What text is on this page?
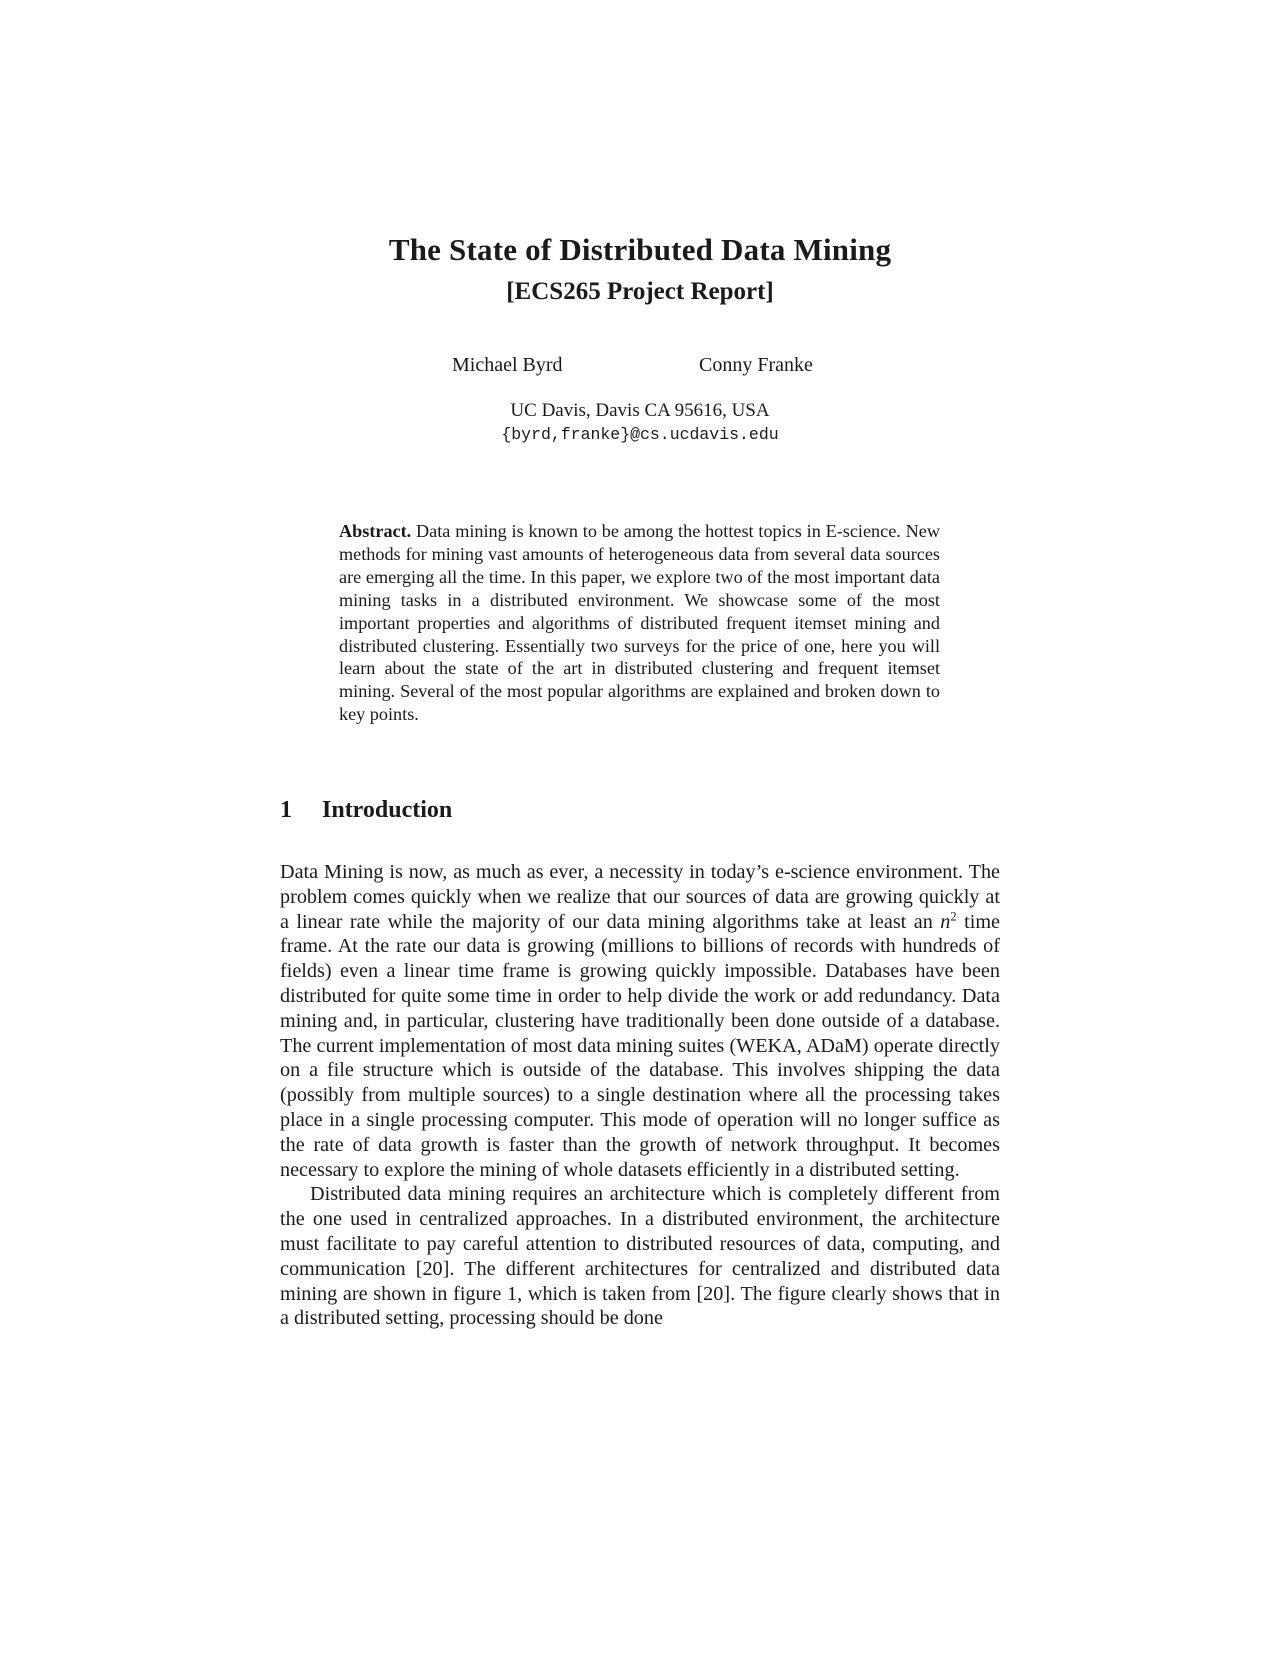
The State of Distributed Data Mining
[ECS265 Project Report]
Michael Byrd	Conny Franke
UC Davis, Davis CA 95616, USA
{byrd,franke}@cs.ucdavis.edu
Abstract. Data mining is known to be among the hottest topics in E-science. New methods for mining vast amounts of heterogeneous data from several data sources are emerging all the time. In this paper, we explore two of the most important data mining tasks in a distributed environment. We showcase some of the most important properties and algorithms of distributed frequent itemset mining and distributed clustering. Essentially two surveys for the price of one, here you will learn about the state of the art in distributed clustering and frequent itemset mining. Several of the most popular algorithms are explained and broken down to key points.
1 Introduction

Data Mining is now, as much as ever, a necessity in today’s e-science environment. The problem comes quickly when we realize that our sources of data are growing quickly at a linear rate while the majority of our data mining algorithms take at least an $n^2$ time frame. At the rate our data is growing (millions to billions of records with hundreds of fields) even a linear time frame is growing quickly impossible. Databases have been distributed for quite some time in order to help divide the work or add redundancy. Data mining and, in particular, clustering have traditionally been done outside of a database. The current implementation of most data mining suites (WEKA, ADaM) operate directly on a file structure which is outside of the database. This involves shipping the data (possibly from multiple sources) to a single destination where all the processing takes place in a single processing computer. This mode of operation will no longer suffice as the rate of data growth is faster than the growth of network throughput. It becomes necessary to explore the mining of whole datasets efficiently in a distributed setting.

Distributed data mining requires an architecture which is completely different from the one used in centralized approaches. In a distributed environment, the architecture must facilitate to pay careful attention to distributed resources of data, computing, and communication [20]. The different architectures for centralized and distributed data mining are shown in figure 1, which is taken from [20]. The figure clearly shows that in a distributed setting, processing should be done
